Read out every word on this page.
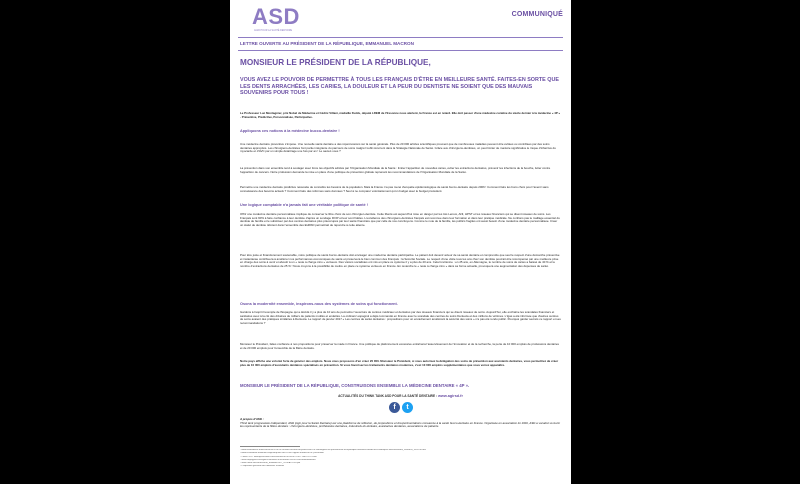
ASD
AGIR POUR LA SANTÉ DENTAIRE
COMMUNIQUÉ
LETTRE OUVERTE AU PRÉSIDENT DE LA RÉPUBLIQUE, EMMANUEL MACRON
MONSIEUR LE PRÉSIDENT DE LA RÉPUBLIQUE,
VOUS AVEZ LE POUVOIR DE PERMETTRE À TOUS LES FRANÇAIS D'ÊTRE EN MEILLEURE SANTÉ. FAITES-EN SORTE QUE LES DENTS ARRACHÉES, LES CARIES, LA DOULEUR ET LA PEUR DU DENTISTE NE SOIENT QUE DES MAUVAIS SOUVENIRS POUR TOUS !
Le Professeur Luc Montagnier, prix Nobel de Médecine et Cédric Villani, médaille Fields, député LREM de l'Essonne nous alertent, la France est en retard. Elle doit passer d'une médecine curative du siècle dernier à la médecine « 4P » - Préventive, Prédictive, Personnalisée, Participative.
Appliquons ces notions à la médecine bucco-dentaire !
Une médecine dentaire préventive s'impose. Une nouvelle santé dentaire a des répercussions sur la santé générale. Plus de 20 000 articles scientifiques prouvent que de nombreuses maladies peuvent être évitées ou contrôlées par des soins dentaires appropriés. Les chirurgiens-dentistes font partie intégrante du parcours de soins malgré l'oubli récurrent dans la Stratégie Nationale de Santé. Grâce aux chirurgiens-dentistes, on peut limiter de manière significative le risque d'infarctus du myocarde et d'AVC par un simple détartrage une fois par an ! Le saviez-vous ?
La prévention dans son ensemble tend à soulager avec force les objectifs édictés par l'Organisation Mondiale de la Santé : limiter l'apparition de nouvelles caries, éviter les extractions dentaires, prévenir les infections de la bouche, lutter contre l'apparition de cancers. Notre profession demande la mise en place d'une politique de prévention globale reprenant les recommandations de l'Organisation Mondiale de la Santé.
Permettre une médecine dentaire prédictive nécessite de connaître les besoins de la population. Mais la France n'a pas mené d'enquête épidémiologique de santé bucco-dentaire depuis 2006 ! Comment faire les bons choix pour l'avenir sans connaissance des besoins actuels ? Comment faire des réformes sans données ? Seul à ne comparer volontairement qu'un budget avec le budget précédent.
Une logique comptable n'a jamais fait une véritable politique de santé !
Offrir une médecine dentaire personnalisée implique de conserver le libre choix de son chirurgien-dentiste. Cette liberté est aujourd'hui mise en danger par les lois Leroux, ANI, HPST et les réseaux financiers qui se disent réseaux de soins. Les Français sont 90% à faire confiance à leur dentiste d'après un sondage IFOP et leur sont fidèles. L'excellence des chirurgiens-dentistes français est reconnue dans leur formation et dans leur pratique médicale. Ne confions pas le maillage essentiel du dentiste de famille et le substituer par des centres dentaires plus préoccupés par leur santé financière que par celle de nos concitoyens. Comme le note de la famille, les publics fragiles ont aussi besoin d'une médecine dentaire personnalisée. Créer un statut de dentiste référent dans l'ensemble des EHPAD permettrait de répondre à cette attente.
Pour être juste et financièrement soutenable, notre politique de santé bucco-dentaire doit envisager une médecine dentaire participative. Le patient doit devenir acteur de sa santé dentaire et comprendre que seul le respect d'une démarche préventive et instantanée contribuera à améliorer nos performances économiques de santé et préservera le bien commun des Français : la Sécurité Sociale. Le respect d'une visite tous les ans chez son dentiste pourrait être récompensé par une meilleure prise en charge des soins à venir et aboutir à un « reste à charge zéro » vertueux. Des visions socialistes ont mis en place ce système il y a plus de 20 ans. Cela fonctionne : en 25 ans, en Allemagne, le nombre de soins de caries a baissé de 40 % et le nombre d'extractions dentaires de 25 % ! Nous croyons à la possibilité de mettre en place ce système vertueux en France. En revanche le « reste à charge zéro » dans sa forme actuelle, provoquera une augmentation des dépenses de santé.
Osons la modernité ensemble, inspirons-nous des systèmes de soins qui fonctionnent.
Gardons à l'esprit l'exemple de l'Espagne qui a décidé il y a plus de 10 ans de permettre l'ouverture de centres médicaux et dentaires par des réseaux financiers qui se disent réseaux de soins. Aujourd'hui, elle enchaîne les scandales financiers et sanitaires avec à la clé des dizaines de milliers de patients mutilés et endettés. La ordinanz espagnol a déjà commandé en France avec le scandale des centres de soins Dentexia et des millions de victimes. L'Igas a été informée que d'autres centres de soins avaient des pratiques similaires à Dentexia. Le rapport de janvier 2017 « Les centres de santé dentaires : propositions pour un encadrement améliorant la sécurité des soins » n'a pas été rendu public. Pourquoi garder secrets ce rapport et ses recommandations ?
Monsieur le Président, faites confiance à nos propositions pour préserver la made in France. Une politique de plafonnement excessive entraînera l'asservissement de l'innovation et de la recherche, la perte de 10 000 emplois de professions dentaires et de 20 000 emplois pour l'ensemble de la filière dentaire.
Notre pays affiche une volonté forte de générer des emplois. Nous vous proposons d'en créer 20 000. Monsieur le Président, si vous autorisez la délégation des soins de prévention aux assistants dentaires, vous permettrez de créer plus de 10 000 emplois d'assistants dentaires spécialisés en prévention. Si vous favorisez les traitements dentaires modernes, c'est 10 000 emplois supplémentaires que vous verrez apparaître.
MONSIEUR LE PRÉSIDENT DE LA RÉPUBLIQUE, CONSTRUISONS ENSEMBLE LA MÉDECINE DENTAIRE « 4P ».
ACTUALITÉS DU THINK TANK ASD POUR LA SANTÉ DENTAIRE : www.agirsd.fr
f	t
A propos d'ASD :
Think tank progressiste indépendant, ASD (Agir pour la Santé Dentaire) est une plateforme de réflexion, de propositions et d'expérimentations consacrée à la santé bucco-dentaire en France. Organisée en association loi 1901, ASD a vocation à réunir les représentants de la filière dentaire : chirurgiens-dentistes, prothésistes dentaires, industriels du dentaire, assistantes dentaires, associations de patients.
¹ www.allemedecin.fr/dossier/actu/2016/10/10/lettre-ouverte-du-professeur-luc-montagnier-au-president-de-la-republique-reflexions-medecins-cardiaques-infection/index_0898805_330129.html
² www.assemblee-nationale.fr/dyn/deputes/PA721000 rapport medecine-4P-prevention
³ Chiffre 2017 www.qeurcetelie.com/seo/article/2016/4/8/7/20171980-2017.html
⁴ www.stopsyphil-chirurgiens-dentistes.fr/actualites/2016/10/recommandations
⁵ www.cnom.net/sante/sante_maladie/2007_2019/AOC/00.pdf
⁶ Proposition générale des différents résultats
